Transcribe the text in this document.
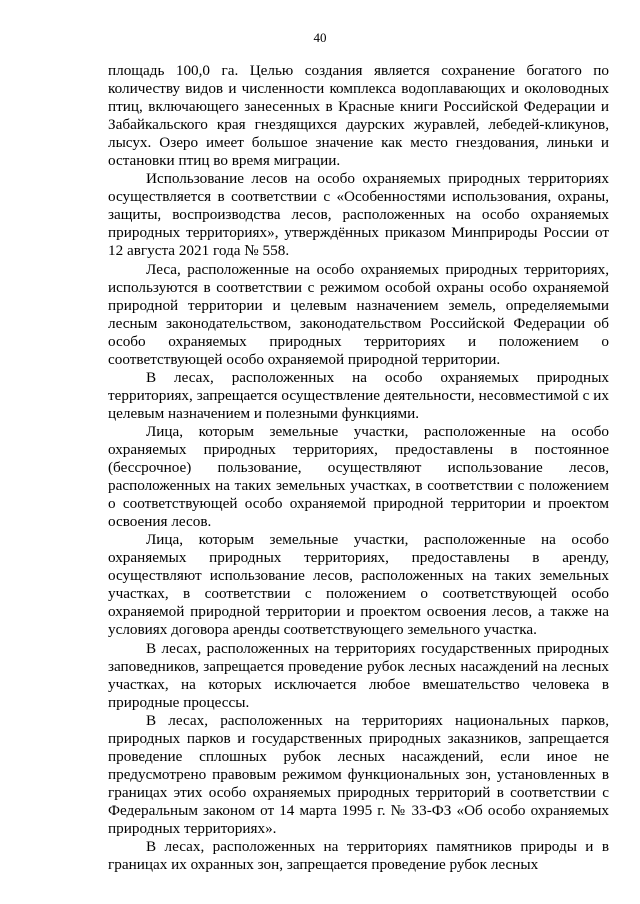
40

площадь 100,0 га. Целью создания является сохранение богатого по количеству видов и численности комплекса водоплавающих и околоводных птиц, включающего занесенных в Красные книги Российской Федерации и Забайкальского края гнездящихся даурских журавлей, лебедей-кликунов, лысух. Озеро имеет большое значение как место гнездования, линьки и остановки птиц во время миграции.

Использование лесов на особо охраняемых природных территориях осуществляется в соответствии с «Особенностями использования, охраны, защиты, воспроизводства лесов, расположенных на особо охраняемых природных территориях», утверждённых приказом Минприроды России от 12 августа 2021 года № 558.

Леса, расположенные на особо охраняемых природных территориях, используются в соответствии с режимом особой охраны особо охраняемой природной территории и целевым назначением земель, определяемыми лесным законодательством, законодательством Российской Федерации об особо охраняемых природных территориях и положением о соответствующей особо охраняемой природной территории.

В лесах, расположенных на особо охраняемых природных территориях, запрещается осуществление деятельности, несовместимой с их целевым назначением и полезными функциями.

Лица, которым земельные участки, расположенные на особо охраняемых природных территориях, предоставлены в постоянное (бессрочное) пользование, осуществляют использование лесов, расположенных на таких земельных участках, в соответствии с положением о соответствующей особо охраняемой природной территории и проектом освоения лесов.

Лица, которым земельные участки, расположенные на особо охраняемых природных территориях, предоставлены в аренду, осуществляют использование лесов, расположенных на таких земельных участках, в соответствии с положением о соответствующей особо охраняемой природной территории и проектом освоения лесов, а также на условиях договора аренды соответствующего земельного участка.

В лесах, расположенных на территориях государственных природных заповедников, запрещается проведение рубок лесных насаждений на лесных участках, на которых исключается любое вмешательство человека в природные процессы.

В лесах, расположенных на территориях национальных парков, природных парков и государственных природных заказников, запрещается проведение сплошных рубок лесных насаждений, если иное не предусмотрено правовым режимом функциональных зон, установленных в границах этих особо охраняемых природных территорий в соответствии с Федеральным законом от 14 марта 1995 г. № 33-ФЗ «Об особо охраняемых природных территориях».

В лесах, расположенных на территориях памятников природы и в границах их охранных зон, запрещается проведение рубок лесных
